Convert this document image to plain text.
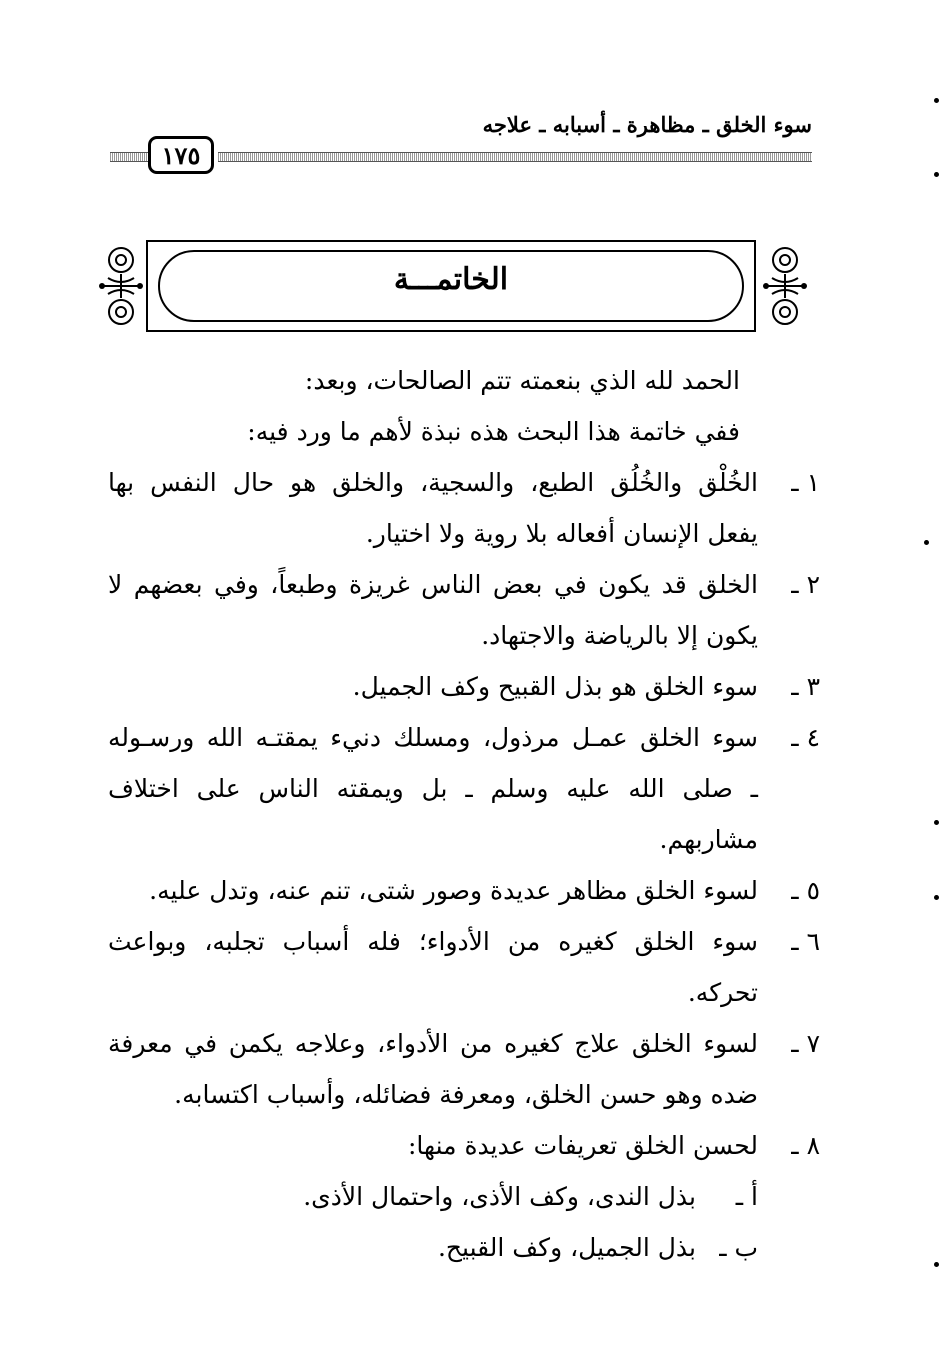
سوء الخلق ـ مظاهرة ـ أسبابه ـ علاجه
١٧٥
الخاتمـــة
الحمد لله الذي بنعمته تتم الصالحات، وبعد:
ففي خاتمة هذا البحث هذه نبذة لأهم ما ورد فيه:
١ ـ
الخُلْق والخُلُق الطبع، والسجية، والخلق هو حال النفس بها
يفعل الإنسان أفعاله بلا روية ولا اختيار.
٢ ـ
الخلق قد يكون في بعض الناس غريزة وطبعاً، وفي بعضهم لا
يكون إلا بالرياضة والاجتهاد.
٣ ـ
سوء الخلق هو بذل القبيح وكف الجميل.
٤ ـ
سوء الخلق عمـل مرذول، ومسلك دنيء يمقتـه الله ورسـوله
ـ صلى الله عليه وسلم ـ بل ويمقته الناس على اختلاف
مشاربهم.
٥ ـ
لسوء الخلق مظاهر عديدة وصور شتى، تنم عنه، وتدل عليه.
٦ ـ
سوء الخلق كغيره من الأدواء؛ فله أسباب تجلبه، وبواعث
تحركه.
٧ ـ
لسوء الخلق علاج كغيره من الأدواء، وعلاجه يكمن في معرفة
ضده وهو حسن الخلق، ومعرفة فضائله، وأسباب اكتسابه.
٨ ـ
لحسن الخلق تعريفات عديدة منها:
أ ـ
بذل الندى، وكف الأذى، واحتمال الأذى.
ب ـ
بذل الجميل، وكف القبيح.
